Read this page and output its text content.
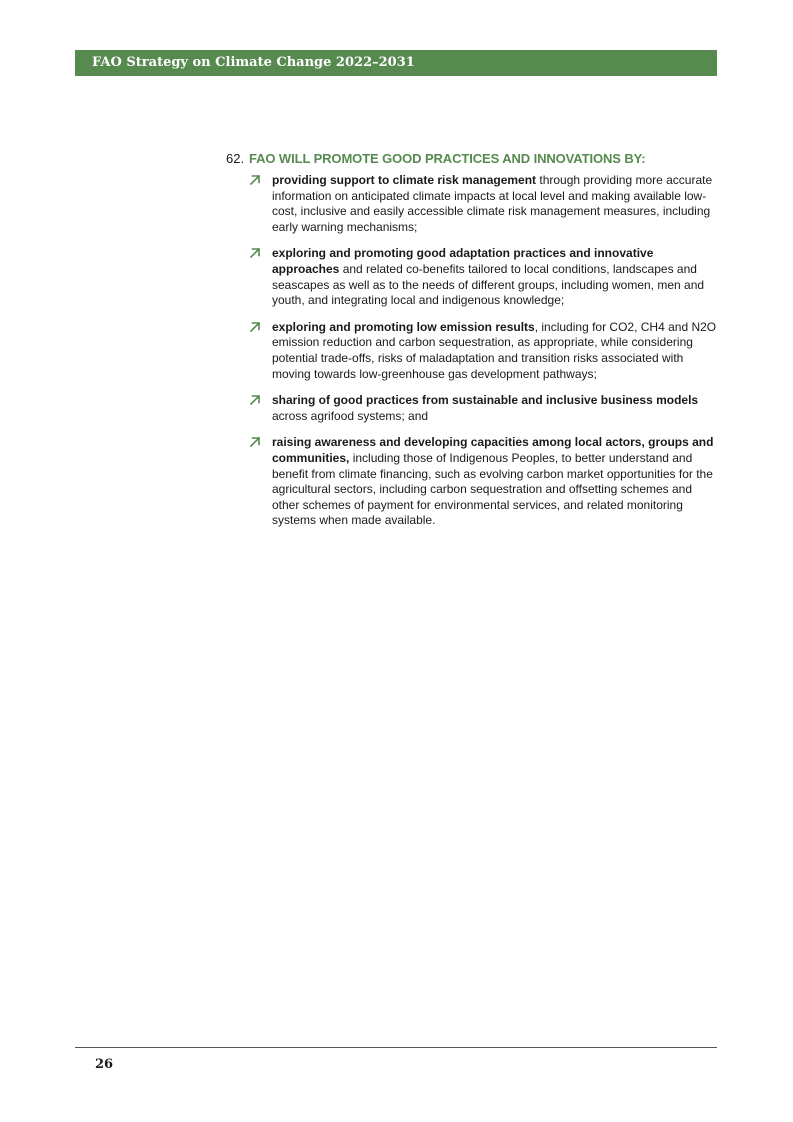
FAO Strategy on Climate Change 2022–2031
62. FAO WILL PROMOTE GOOD PRACTICES AND INNOVATIONS BY:
providing support to climate risk management through providing more accurate information on anticipated climate impacts at local level and making available low-cost, inclusive and easily accessible climate risk management measures, including early warning mechanisms;
exploring and promoting good adaptation practices and innovative approaches and related co-benefits tailored to local conditions, landscapes and seascapes as well as to the needs of different groups, including women, men and youth, and integrating local and indigenous knowledge;
exploring and promoting low emission results, including for CO2, CH4 and N2O emission reduction and carbon sequestration, as appropriate, while considering potential trade-offs, risks of maladaptation and transition risks associated with moving towards low-greenhouse gas development pathways;
sharing of good practices from sustainable and inclusive business models across agrifood systems; and
raising awareness and developing capacities among local actors, groups and communities, including those of Indigenous Peoples, to better understand and benefit from climate financing, such as evolving carbon market opportunities for the agricultural sectors, including carbon sequestration and offsetting schemes and other schemes of payment for environmental services, and related monitoring systems when made available.
26
